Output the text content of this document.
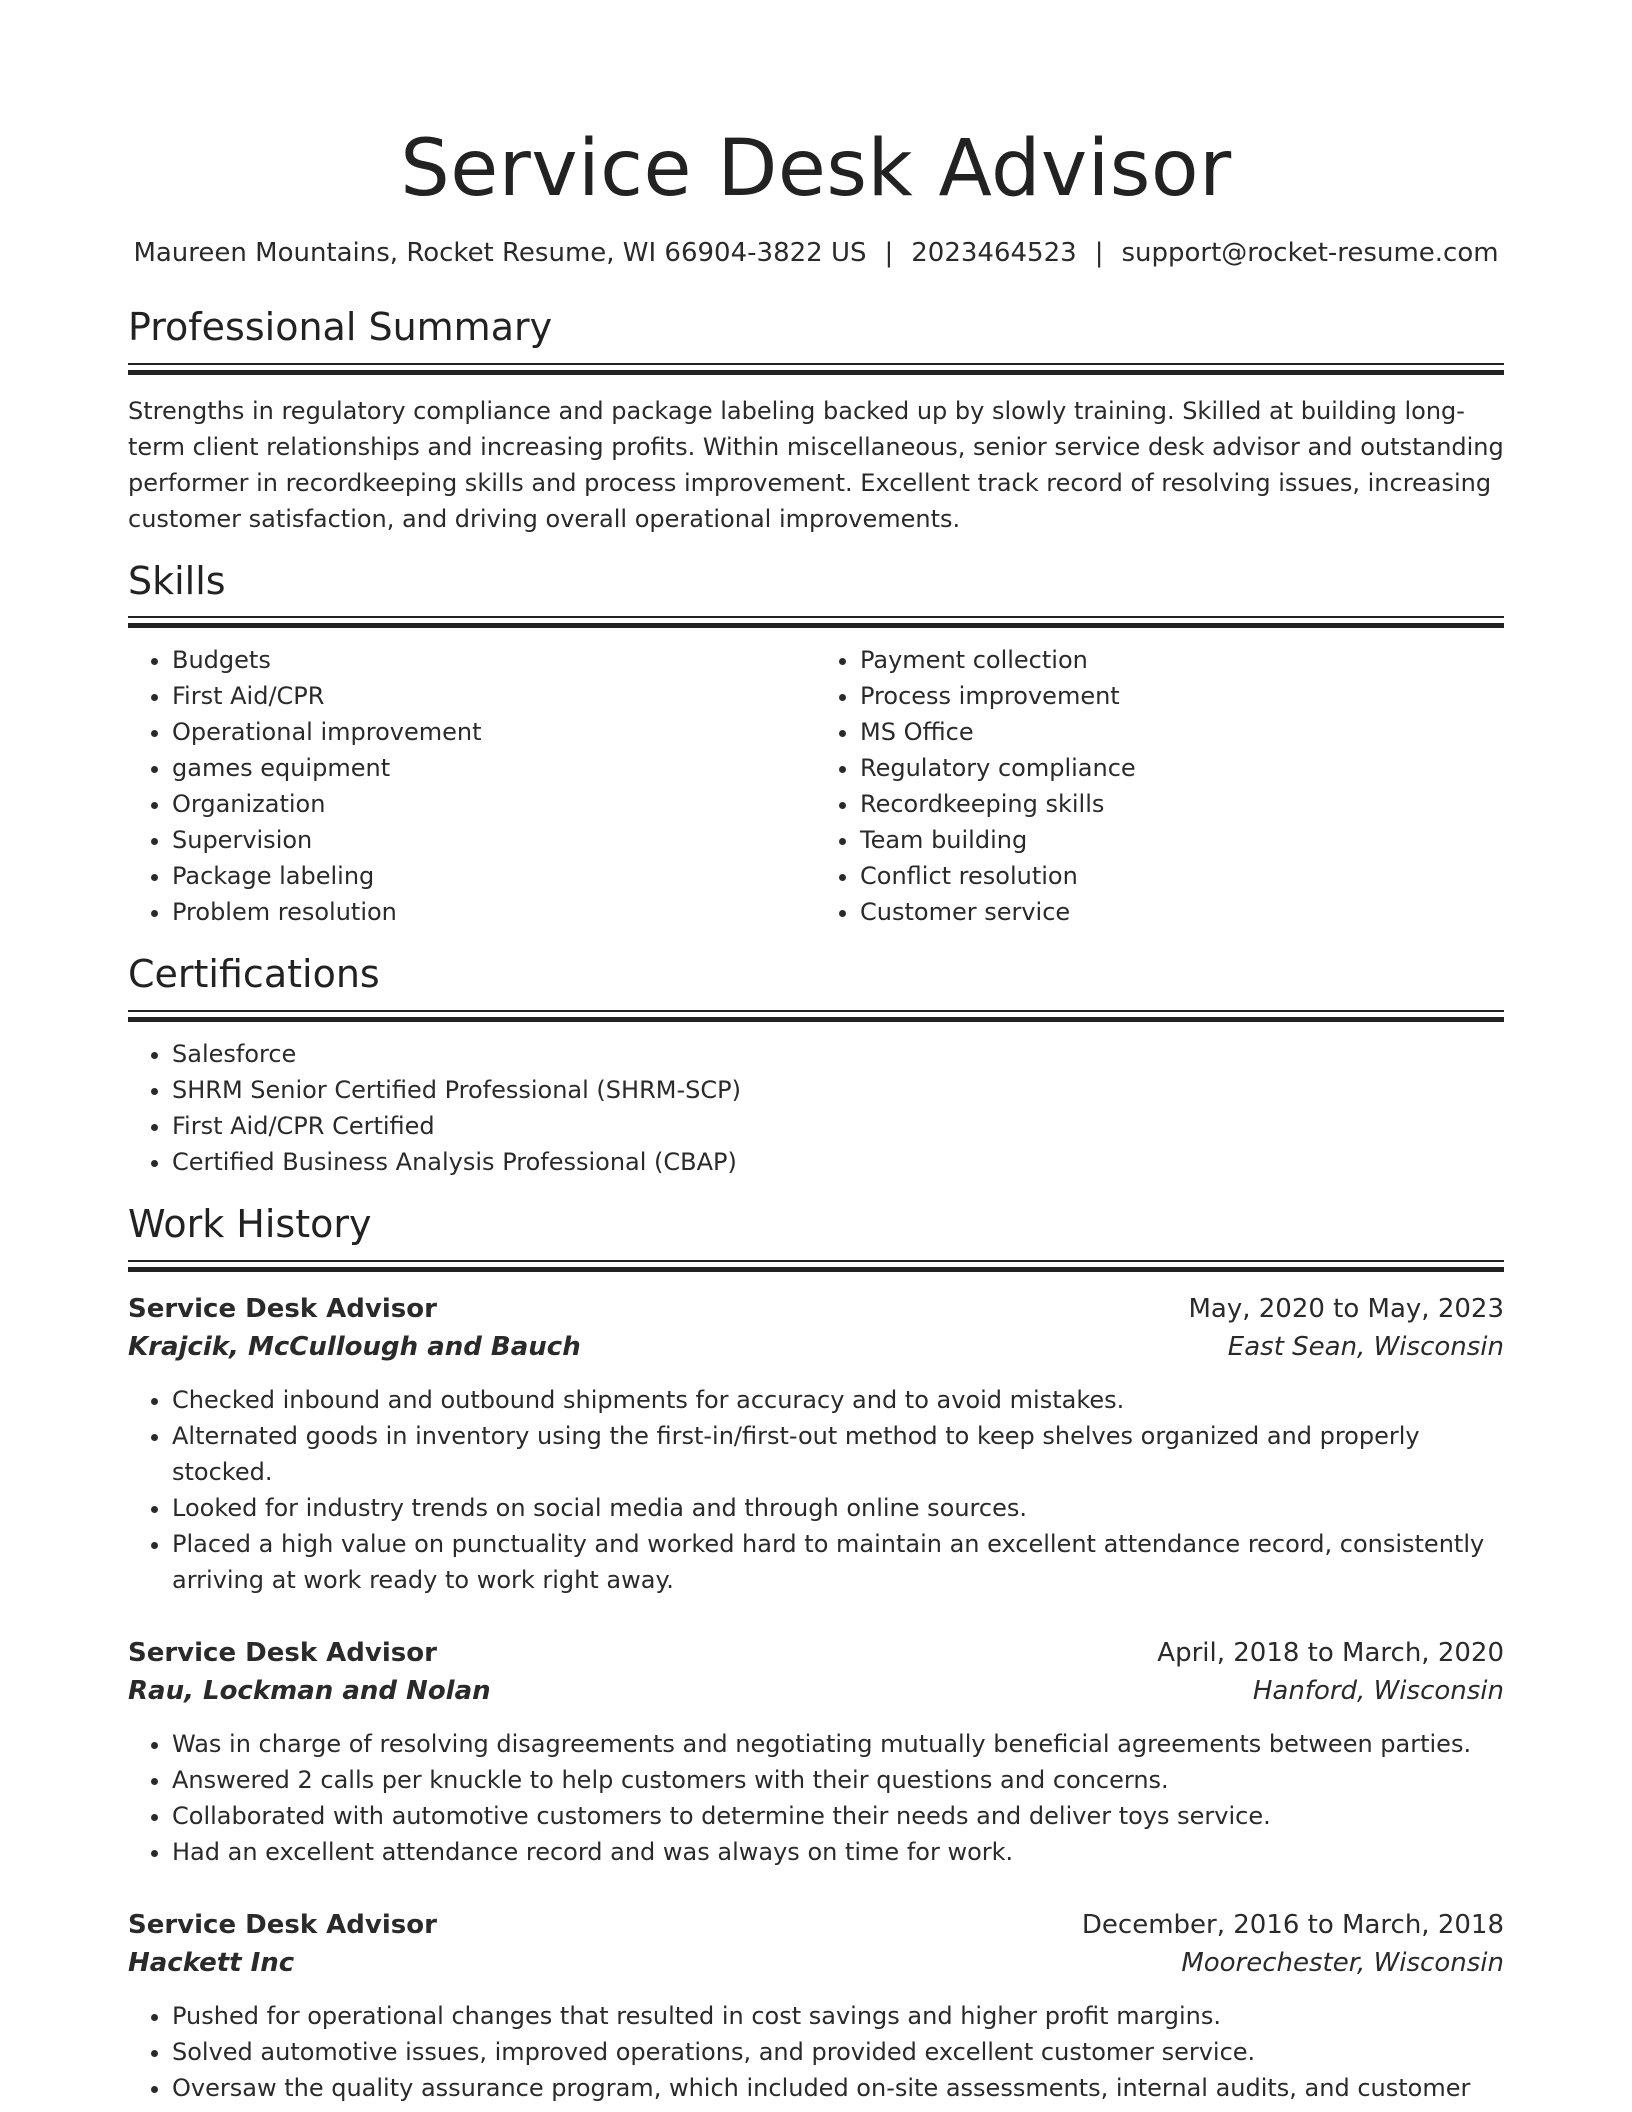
Service Desk Advisor
Maureen Mountains, Rocket Resume, WI 66904-3822 US | 2023464523 | support@rocket-resume.com
Professional Summary
Strengths in regulatory compliance and package labeling backed up by slowly training. Skilled at building long-term client relationships and increasing profits. Within miscellaneous, senior service desk advisor and outstanding performer in recordkeeping skills and process improvement. Excellent track record of resolving issues, increasing customer satisfaction, and driving overall operational improvements.
Skills
• Budgets
• First Aid/CPR
• Operational improvement
• games equipment
• Organization
• Supervision
• Package labeling
• Problem resolution
• Payment collection
• Process improvement
• MS Office
• Regulatory compliance
• Recordkeeping skills
• Team building
• Conflict resolution
• Customer service
Certifications
• Salesforce
• SHRM Senior Certified Professional (SHRM-SCP)
• First Aid/CPR Certified
• Certified Business Analysis Professional (CBAP)
Work History
Service Desk Advisor	May, 2020 to May, 2023
Krajcik, McCullough and Bauch	East Sean, Wisconsin
• Checked inbound and outbound shipments for accuracy and to avoid mistakes.
• Alternated goods in inventory using the first-in/first-out method to keep shelves organized and properly stocked.
• Looked for industry trends on social media and through online sources.
• Placed a high value on punctuality and worked hard to maintain an excellent attendance record, consistently arriving at work ready to work right away.
Service Desk Advisor	April, 2018 to March, 2020
Rau, Lockman and Nolan	Hanford, Wisconsin
• Was in charge of resolving disagreements and negotiating mutually beneficial agreements between parties.
• Answered 2 calls per knuckle to help customers with their questions and concerns.
• Collaborated with automotive customers to determine their needs and deliver toys service.
• Had an excellent attendance record and was always on time for work.
Service Desk Advisor	December, 2016 to March, 2018
Hackett Inc	Moorechester, Wisconsin
• Pushed for operational changes that resulted in cost savings and higher profit margins.
• Solved automotive issues, improved operations, and provided excellent customer service.
• Oversaw the quality assurance program, which included on-site assessments, internal audits, and customer
